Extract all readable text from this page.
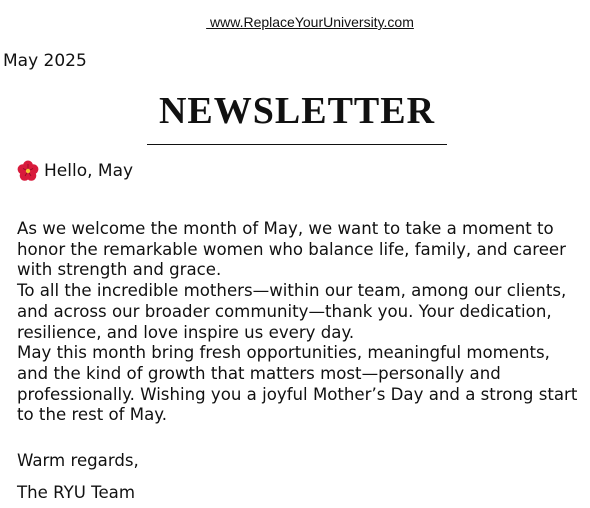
www.ReplaceYourUniversity.com
May 2025
NEWSLETTER
Hello, May

As we welcome the month of May, we want to take a moment to honor the remarkable women who balance life, family, and career with strength and grace.

To all the incredible mothers—within our team, among our clients, and across our broader community—thank you. Your dedication, resilience, and love inspire us every day.

May this month bring fresh opportunities, meaningful moments, and the kind of growth that matters most—personally and professionally. Wishing you a joyful Mother’s Day and a strong start to the rest of May.

Warm regards,
The RYU Team
